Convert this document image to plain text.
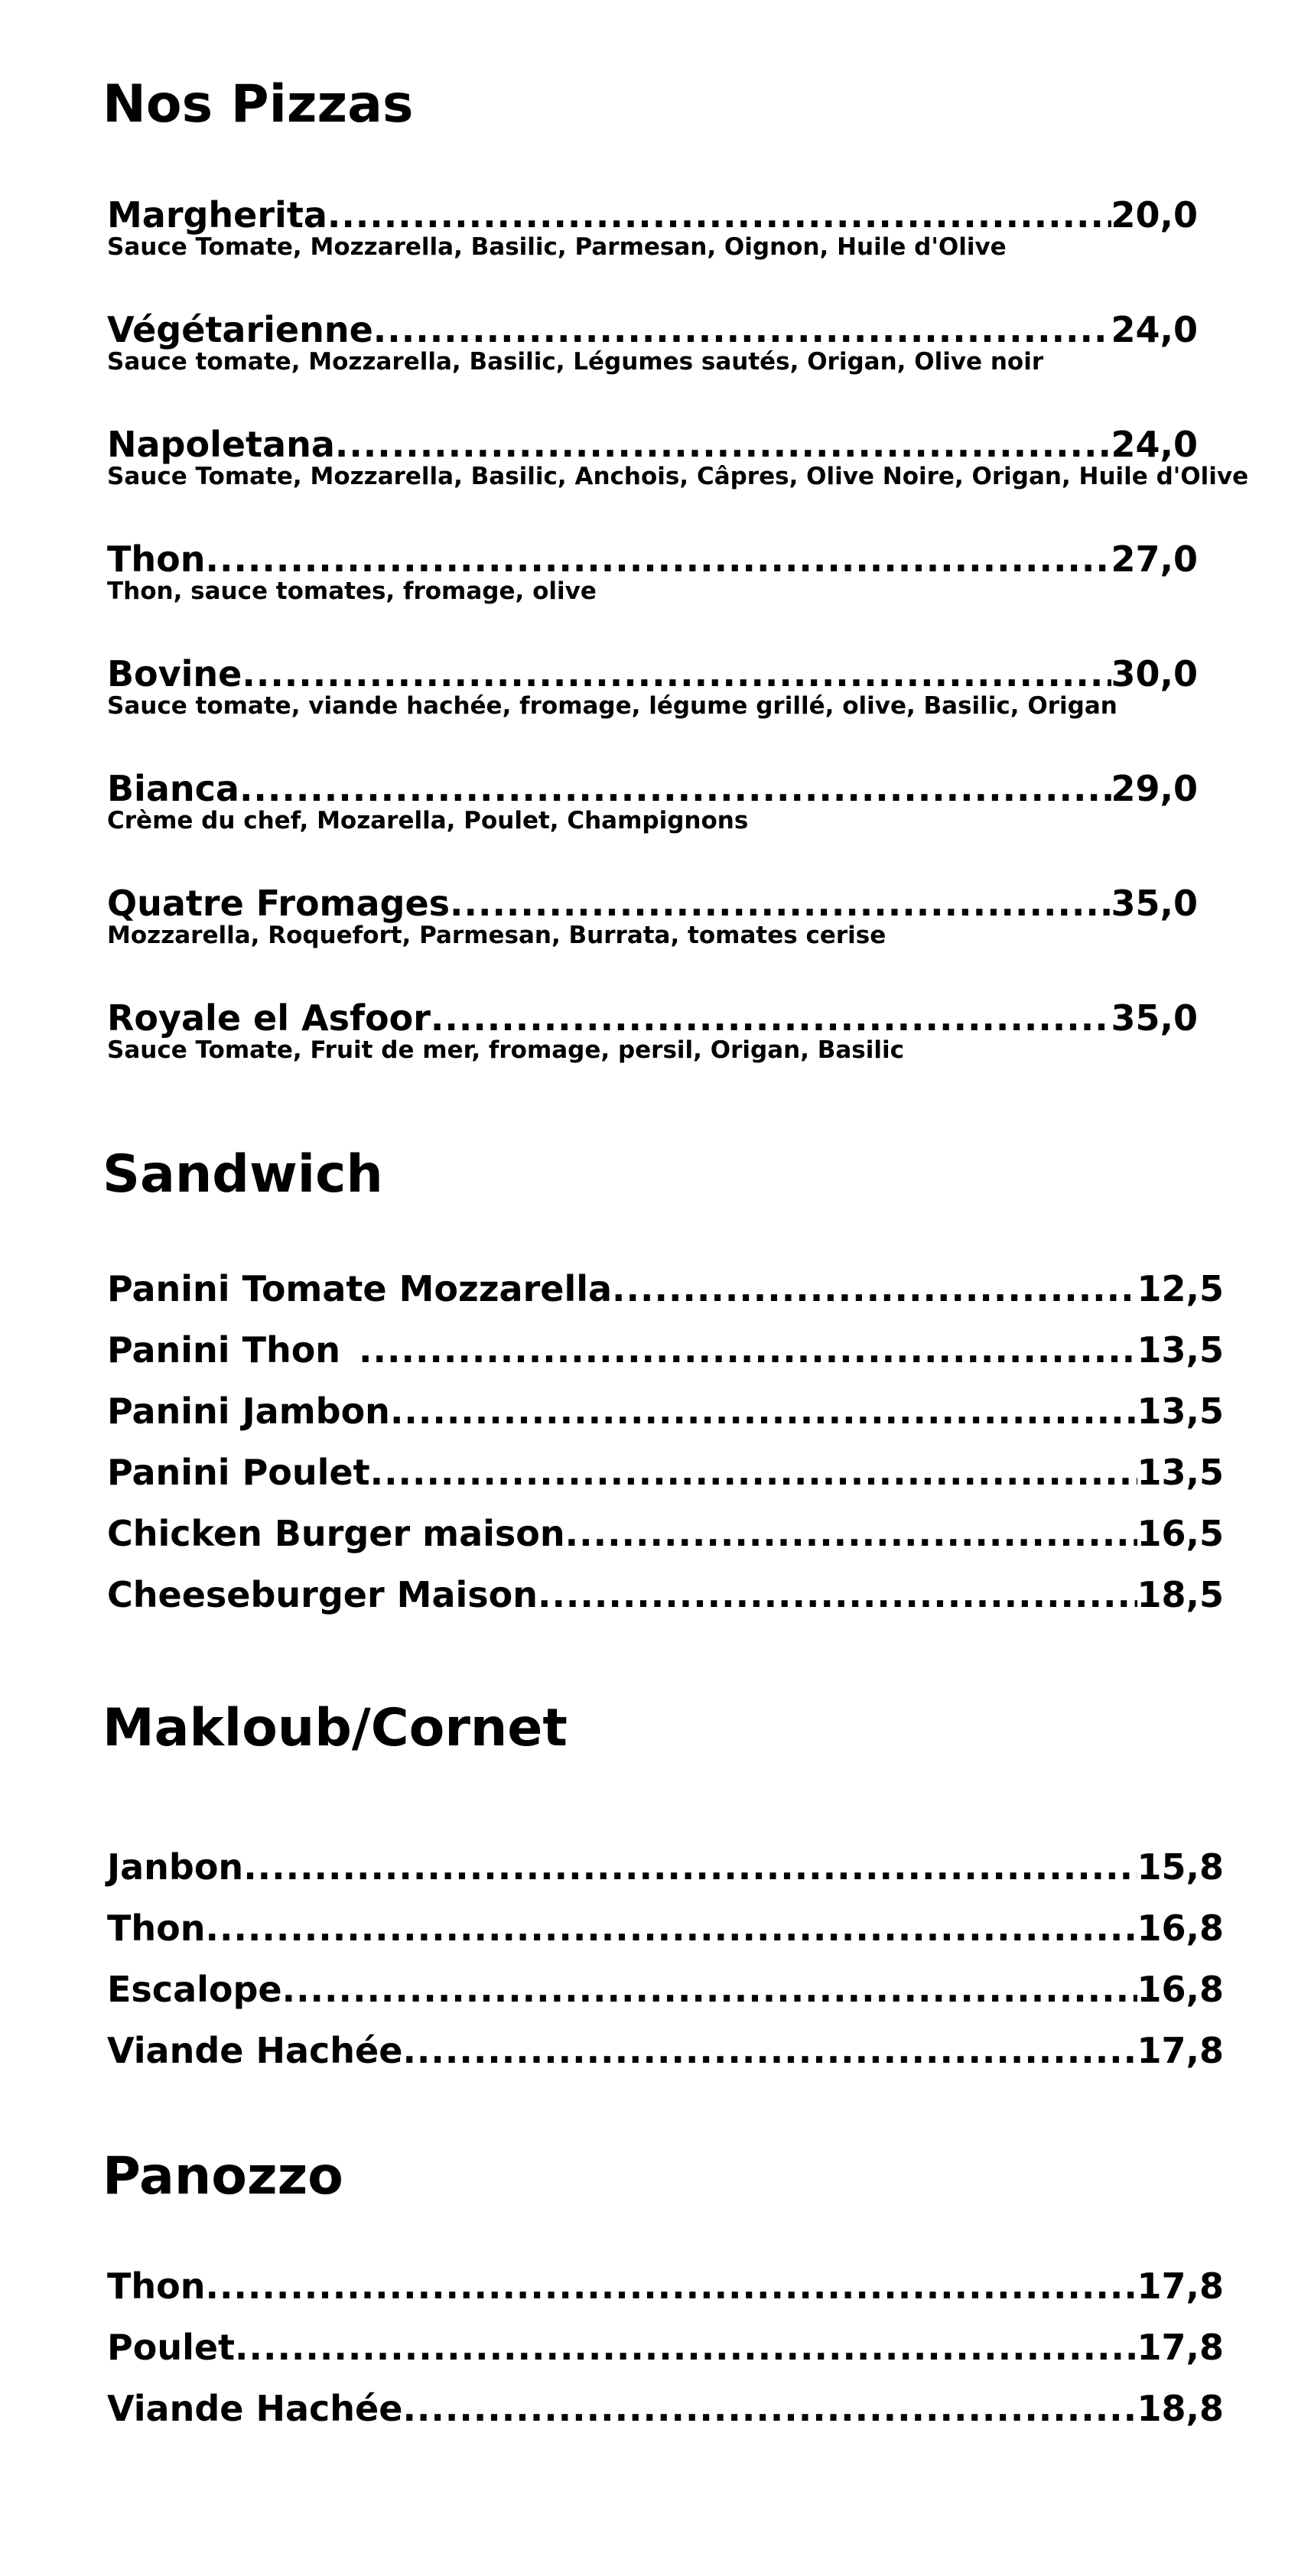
Nos Pizzas
Margherita .....	20,0
Sauce Tomate, Mozzarella, Basilic, Parmesan, Oignon, Huile d'Olive
Végétarienne .....	24,0
Sauce tomate, Mozzarella, Basilic, Légumes sautés, Origan, Olive noir
Napoletana .....	24,0
Sauce Tomate, Mozzarella, Basilic, Anchois, Câpres, Olive Noire, Origan, Huile d'Olive
Thon .....	27,0
Thon, sauce tomates, fromage, olive
Bovine .....	30,0
Sauce tomate, viande hachée, fromage, légume grillé, olive, Basilic, Origan
Bianca .....	29,0
Crème du chef, Mozarella, Poulet, Champignons
Quatre Fromages .....	35,0
Mozzarella, Roquefort, Parmesan, Burrata, tomates cerise
Royale el Asfoor .....	35,0
Sauce Tomate, Fruit de mer, fromage, persil, Origan, Basilic
Sandwich
Panini Tomate Mozzarella .....	12,5
Panini Thon .....	13,5
Panini Jambon .....	13,5
Panini Poulet .....	13,5
Chicken Burger maison .....	16,5
Cheeseburger Maison .....	18,5
Makloub/Cornet
Janbon .....	15,8
Thon .....	16,8
Escalope .....	16,8
Viande Hachée .....	17,8
Panozzo
Thon .....	17,8
Poulet .....	17,8
Viande Hachée .....	18,8
